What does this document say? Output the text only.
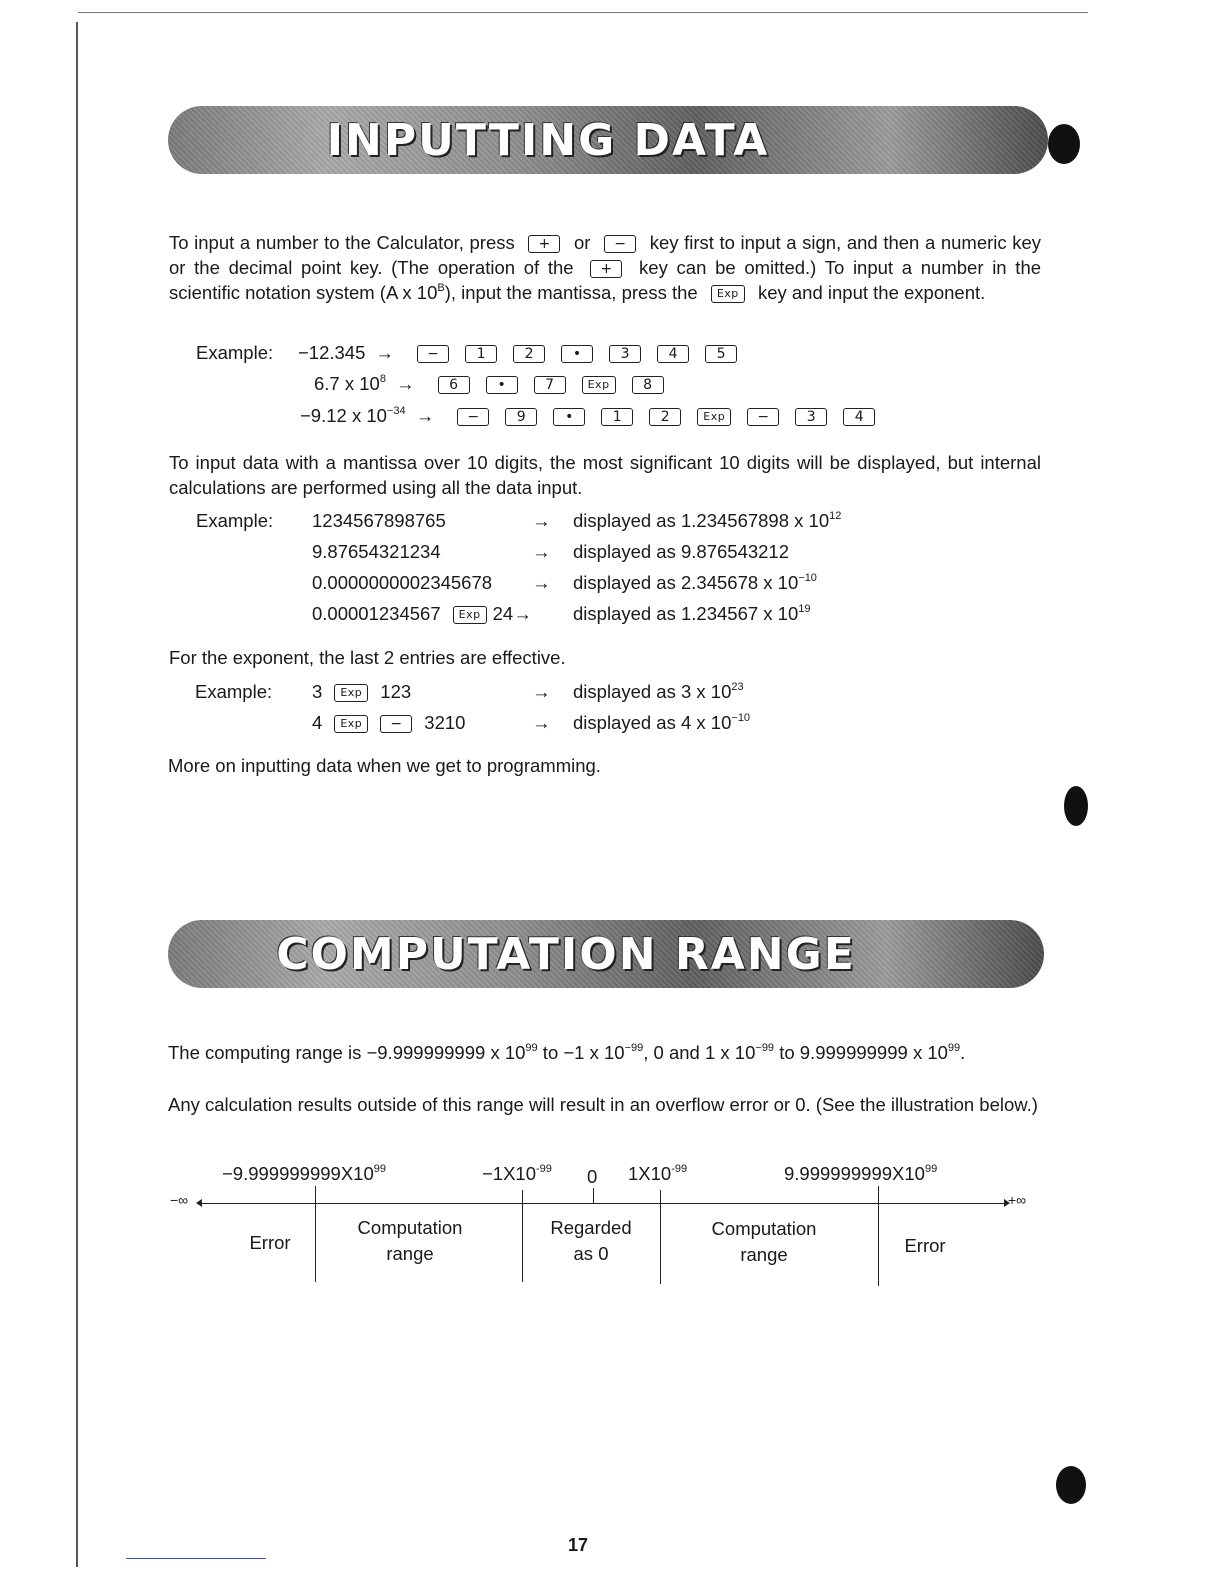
INPUTTING DATA
To input a number to the Calculator, press + or − key first to input a sign, and then a numeric key or the decimal point key. (The operation of the + key can be omitted.) To input a number in the scientific notation system (A x $10^B$), input the mantissa, press the Exp key and input the exponent.
Example: −12.345 → −	1	2	•	3	4	5
6.7 x $10^8 \to 6$	•	7	Exp 8
−9.12 x $10^{-34}$ → −	9	•	1	2	Exp −	3	4
To input data with a mantissa over 10 digits, the most significant 10 digits will be displayed, but internal calculations are performed using all the data input.
Example: 1234567898765	→ displayed as 1.234567898 x $10^{12}$
9.87654321234	→ displayed as 9.876543212
0.0000000002345678 → displayed as 2.345678 x $10^{-10}$
0.00001234567 Exp 24→ displayed as 1.234567 x $10^{19}$
For the exponent, the last 2 entries are effective.
Example: 3 Exp 123	→ displayed as 3 x $10^{23}$
4 Exp − 3210	→ displayed as 4 x $10^{-10}$
More on inputting data when we get to programming.
COMPUTATION RANGE
The computing range is −9.999999999 x $10^{99}$ to −1 x $10^{-99}$, 0 and 1 x $10^{-99}$ to 9.999999999 x $10^{99}$.
Any calculation results outside of this range will result in an overflow error or 0. (See the illustration below.)
$-9.999999999X10^{99}$	$-1X10^{-99}$ 0 $1X10^{-99}$	$9.999999999X10^{99}$
−∞	+∞
Error
Computation
range
Regarded
as 0
Computation
range	Error
17
